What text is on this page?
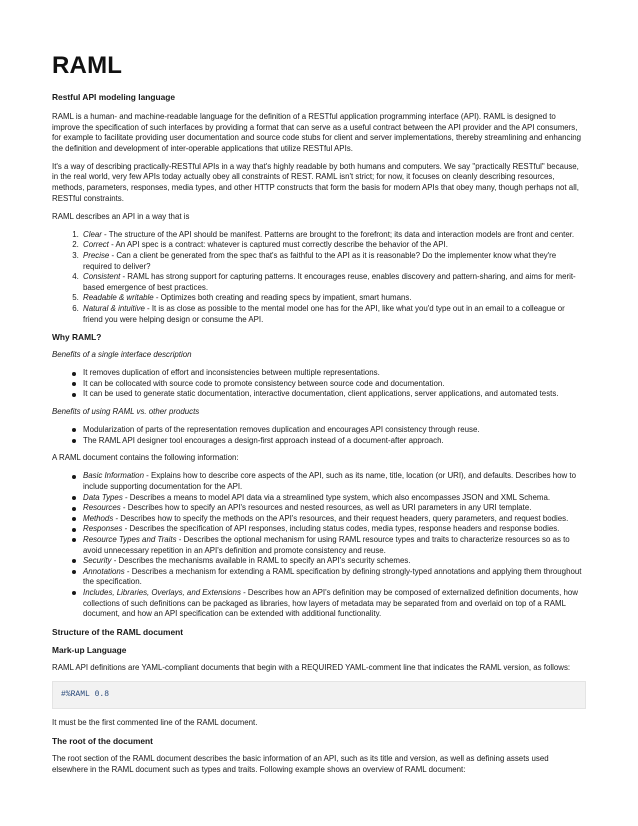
RAML
Restful API modeling language

RAML is a human- and machine-readable language for the definition of a RESTful application programming interface (API). RAML is designed to improve the specification of such interfaces by providing a format that can serve as a useful contract between the API provider and the API consumers, for example to facilitate providing user documentation and source code stubs for client and server implementations, thereby streamlining and enhancing the definition and development of inter-operable applications that utilize RESTful APIs.

It's a way of describing practically-RESTful APIs in a way that's highly readable by both humans and computers. We say "practically RESTful" because, in the real world, very few APIs today actually obey all constraints of REST. RAML isn't strict; for now, it focuses on cleanly describing resources, methods, parameters, responses, media types, and other HTTP constructs that form the basis for modern APIs that obey many, though perhaps not all, RESTful constraints.

RAML describes an API in a way that is

1. Clear - The structure of the API should be manifest. Patterns are brought to the forefront; its data and interaction models are front and center.
2. Correct - An API spec is a contract: whatever is captured must correctly describe the behavior of the API.
3. Precise - Can a client be generated from the spec that's as faithful to the API as it is reasonable? Do the implementer know what they're required to deliver?
4. Consistent - RAML has strong support for capturing patterns. It encourages reuse, enables discovery and pattern-sharing, and aims for merit-based emergence of best practices.
5. Readable & writable - Optimizes both creating and reading specs by impatient, smart humans.
6. Natural & intuitive - It is as close as possible to the mental model one has for the API, like what you'd type out in an email to a colleague or friend you were helping design or consume the API.
Why RAML?

Benefits of a single interface description

It removes duplication of effort and inconsistencies between multiple representations.
It can be collocated with source code to promote consistency between source code and documentation.
It can be used to generate static documentation, interactive documentation, client applications, server applications, and automated tests.

Benefits of using RAML vs. other products

Modularization of parts of the representation removes duplication and encourages API consistency through reuse.
The RAML API designer tool encourages a design-first approach instead of a document-after approach.

A RAML document contains the following information:

Basic Information - Explains how to describe core aspects of the API, such as its name, title, location (or URI), and defaults. Describes how to include supporting documentation for the API.
Data Types - Describes a means to model API data via a streamlined type system, which also encompasses JSON and XML Schema.
Resources - Describes how to specify an API's resources and nested resources, as well as URI parameters in any URI template.
Methods - Describes how to specify the methods on the API's resources, and their request headers, query parameters, and request bodies.
Responses - Describes the specification of API responses, including status codes, media types, response headers and response bodies.
Resource Types and Traits - Describes the optional mechanism for using RAML resource types and traits to characterize resources so as to avoid unnecessary repetition in an API's definition and promote consistency and reuse.
Security - Describes the mechanisms available in RAML to specify an API's security schemes.
Annotations - Describes a mechanism for extending a RAML specification by defining strongly-typed annotations and applying them throughout the specification.
Includes, Libraries, Overlays, and Extensions - Describes how an API's definition may be composed of externalized definition documents, how collections of such definitions can be packaged as libraries, how layers of metadata may be separated from and overlaid on top of a RAML document, and how an API specification can be extended with additional functionality.
Structure of the RAML document
Mark-up Language

RAML API definitions are YAML-compliant documents that begin with a REQUIRED YAML-comment line that indicates the RAML version, as follows:

#%RAML 0.8

It must be the first commented line of the RAML document.

The root of the document

The root section of the RAML document describes the basic information of an API, such as its title and version, as well as defining assets used elsewhere in the RAML document such as types and traits. Following example shows an overview of RAML document:
